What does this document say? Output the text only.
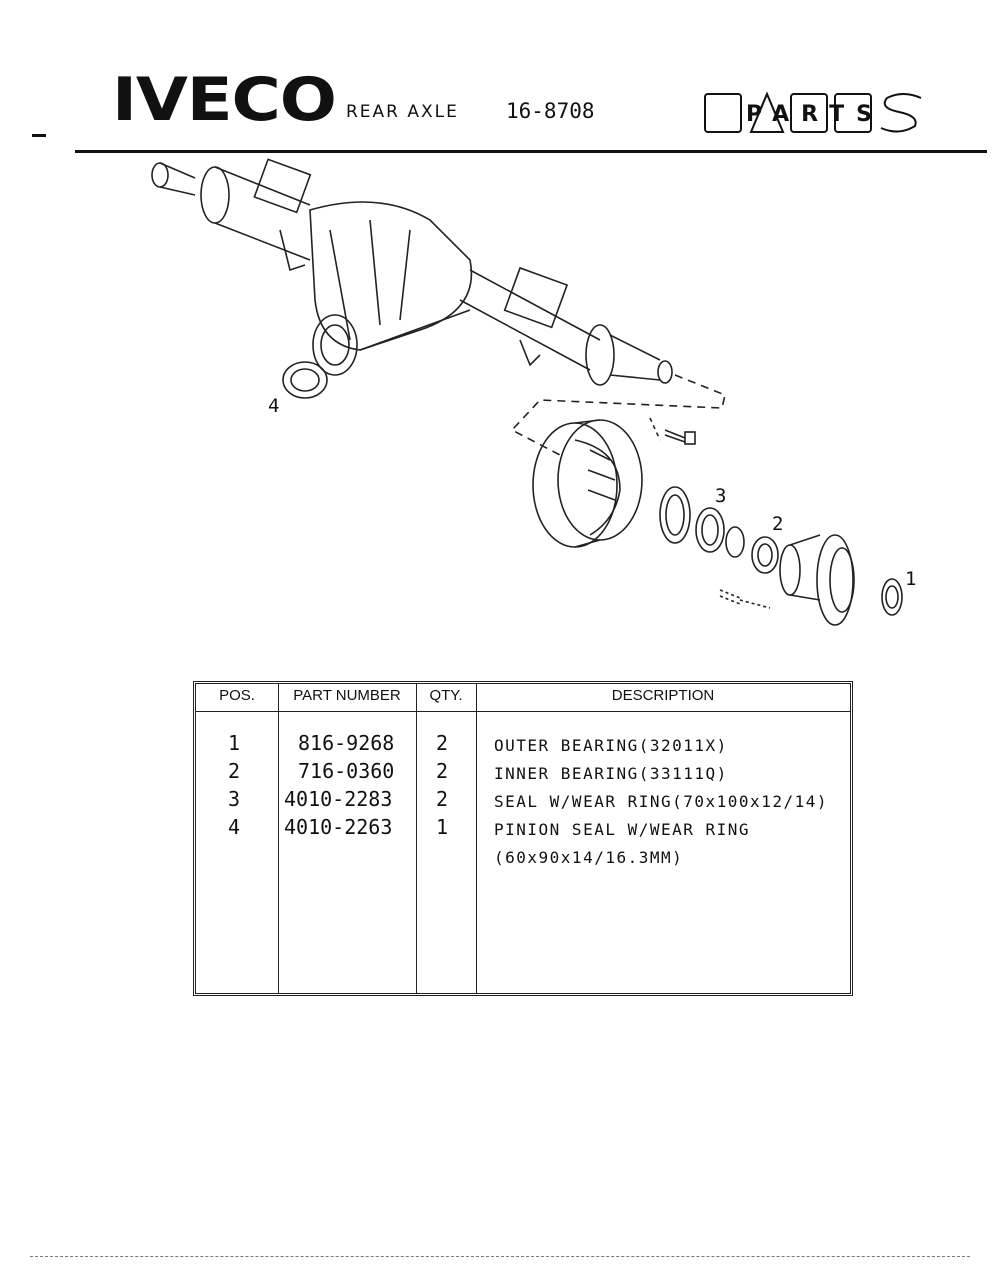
IVECO REAR AXLE 16-8708	PARTS
1
2
3
4
POS.	PART NUMBER	QTY.	DESCRIPTION
1	816-9268 2	OUTER BEARING(32011X)
2	716-0360 2	INNER BEARING(33111Q)
3 4010-2283 2	SEAL W/WEAR RING(70x100x12/14)
4 4010-2263 1	PINION SEAL W/WEAR RING
(60x90x14/16.3MM)
